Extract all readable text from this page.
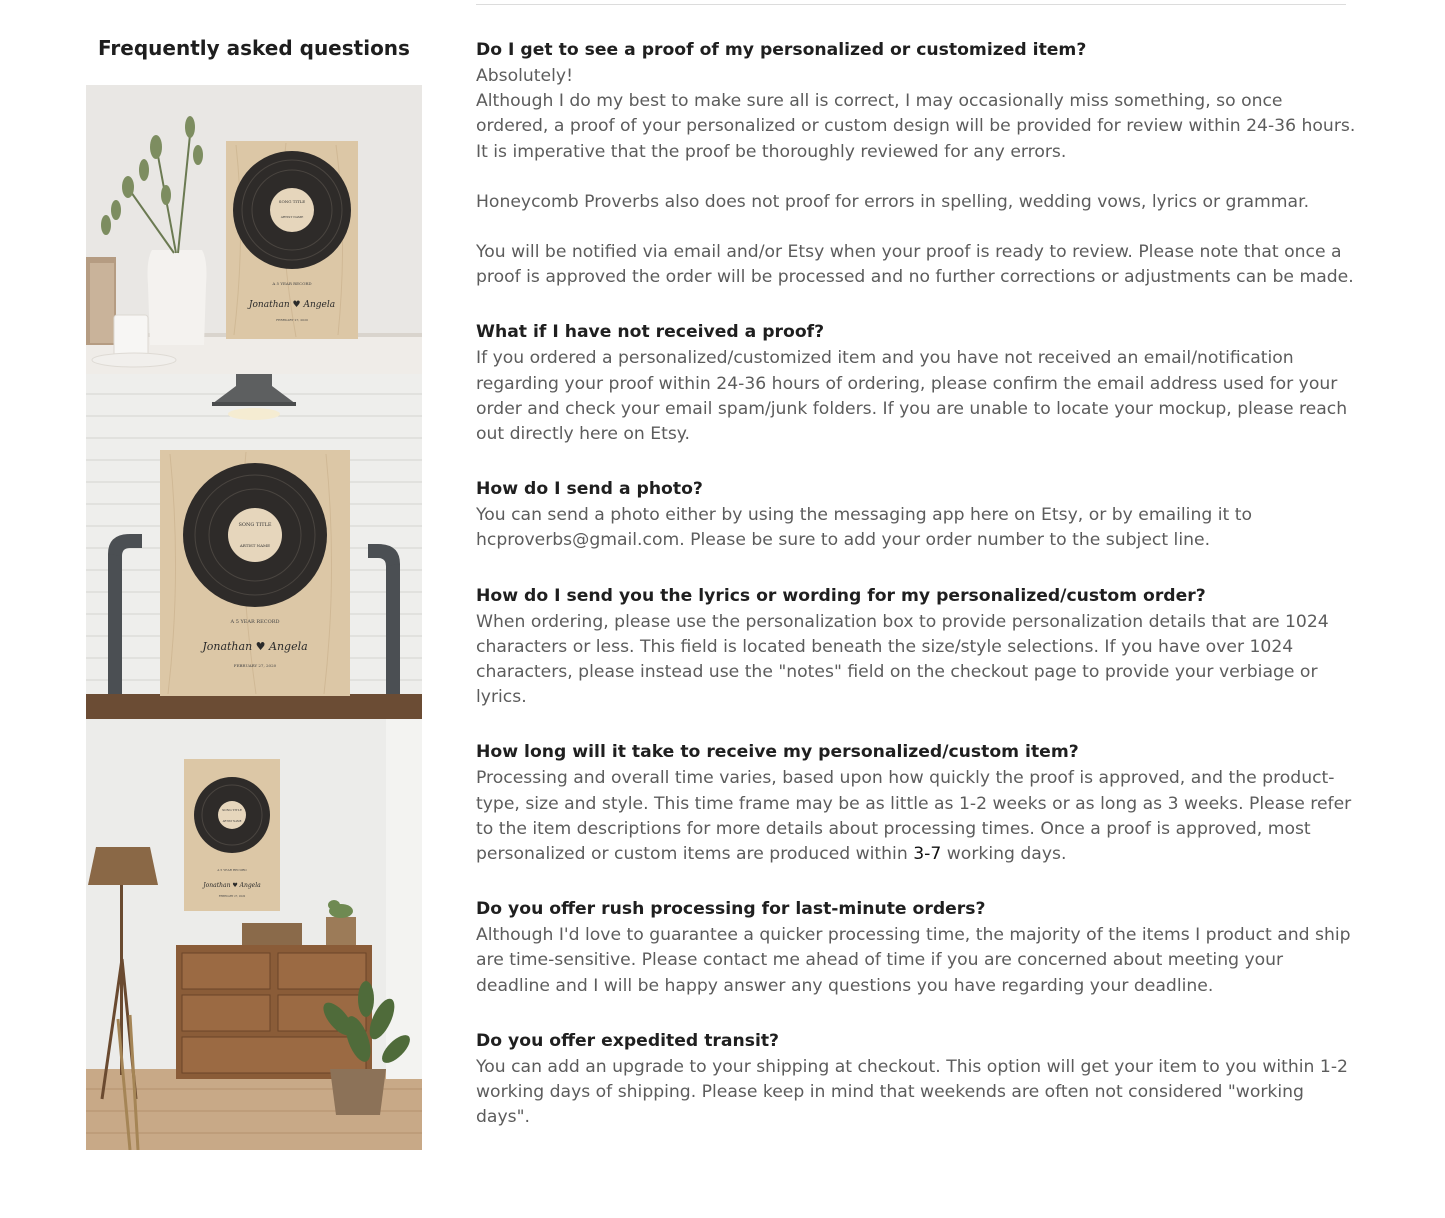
Frequently asked questions
SONG TITLE
ARTIST NAME
A 5 YEAR RECORD
Jonathan ♥ Angela
FEBRUARY 27, 2020
SONG TITLE
ARTIST NAME
A 5 YEAR RECORD
Jonathan ♥ Angela
FEBRUARY 27, 2020
SONG TITLE
ARTIST NAME
A 5 YEAR RECORD
Jonathan ♥ Angela
FEBRUARY 27, 2020

Do I get to see a proof of my personalized or customized item?

Absolutely!

Although I do my best to make sure all is correct, I may occasionally miss something, so once ordered, a proof of your personalized or custom design will be provided for review within 24-36 hours. It is imperative that the proof be thoroughly reviewed for any errors.

Honeycomb Proverbs also does not proof for errors in spelling, wedding vows, lyrics or grammar.

You will be notified via email and/or Etsy when your proof is ready to review. Please note that once a proof is approved the order will be processed and no further corrections or adjustments can be made.

What if I have not received a proof?

If you ordered a personalized/customized item and you have not received an email/notification regarding your proof within 24-36 hours of ordering, please confirm the email address used for your order and check your email spam/junk folders. If you are unable to locate your mockup, please reach out directly here on Etsy.

How do I send a photo?

You can send a photo either by using the messaging app here on Etsy, or by emailing it to hcproverbs@gmail.com. Please be sure to add your order number to the subject line.

How do I send you the lyrics or wording for my personalized/custom order?

When ordering, please use the personalization box to provide personalization details that are 1024 characters or less. This field is located beneath the size/style selections. If you have over 1024 characters, please instead use the "notes" field on the checkout page to provide your verbiage or lyrics.

How long will it take to receive my personalized/custom item?

Processing and overall time varies, based upon how quickly the proof is approved, and the product-type, size and style. This time frame may be as little as 1-2 weeks or as long as 3 weeks. Please refer to the item descriptions for more details about processing times. Once a proof is approved, most personalized or custom items are produced within 3-7 working days.

Do you offer rush processing for last-minute orders?

Although I'd love to guarantee a quicker processing time, the majority of the items I product and ship are time-sensitive. Please contact me ahead of time if you are concerned about meeting your deadline and I will be happy answer any questions you have regarding your deadline.

Do you offer expedited transit?

You can add an upgrade to your shipping at checkout. This option will get your item to you within 1-2 working days of shipping. Please keep in mind that weekends are often not considered "working days".
